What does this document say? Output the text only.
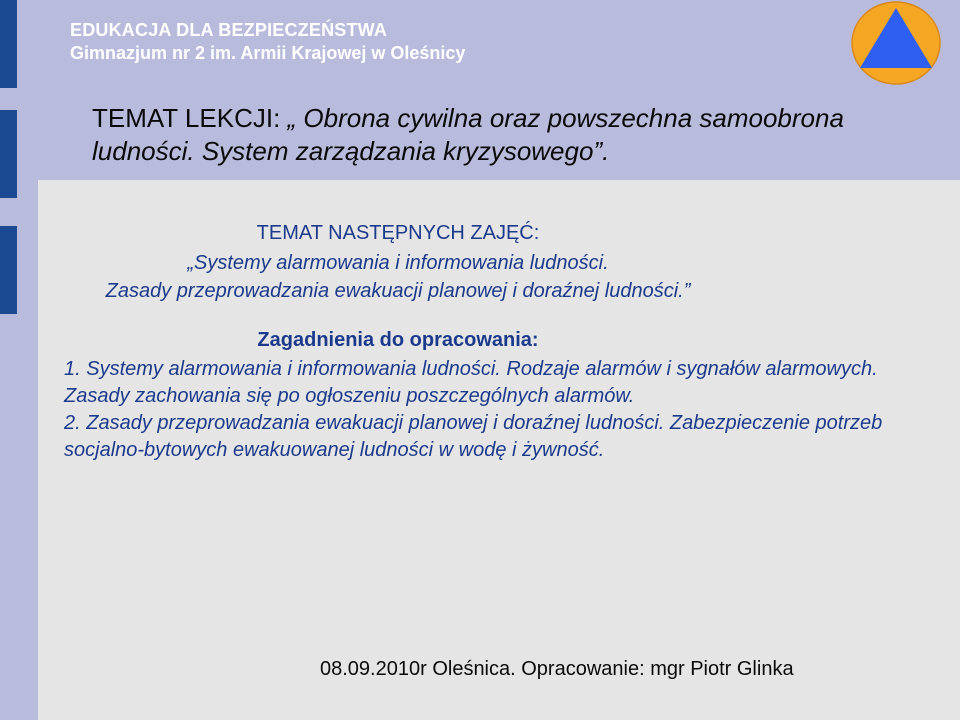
EDUKACJA DLA BEZPIECZEŃSTWA
Gimnazjum nr 2 im. Armii Krajowej w Oleśnicy
TEMAT LEKCJI: „ Obrona cywilna oraz powszechna samoobrona ludności. System zarządzania kryzysowego”.
TEMAT NASTĘPNYCH ZAJĘĆ:
„Systemy alarmowania i informowania ludności.
Zasady przeprowadzania ewakuacji planowej i doraźnej ludności.”
Zagadnienia do opracowania:

1. Systemy alarmowania i informowania ludności. Rodzaje alarmów i sygnałów alarmowych. Zasady zachowania się po ogłoszeniu poszczególnych alarmów.

2. Zasady przeprowadzania ewakuacji planowej i doraźnej ludności. Zabezpieczenie potrzeb socjalno-bytowych ewakuowanej ludności w wodę i żywność.

08.09.2010r Oleśnica. Opracowanie: mgr Piotr Glinka
